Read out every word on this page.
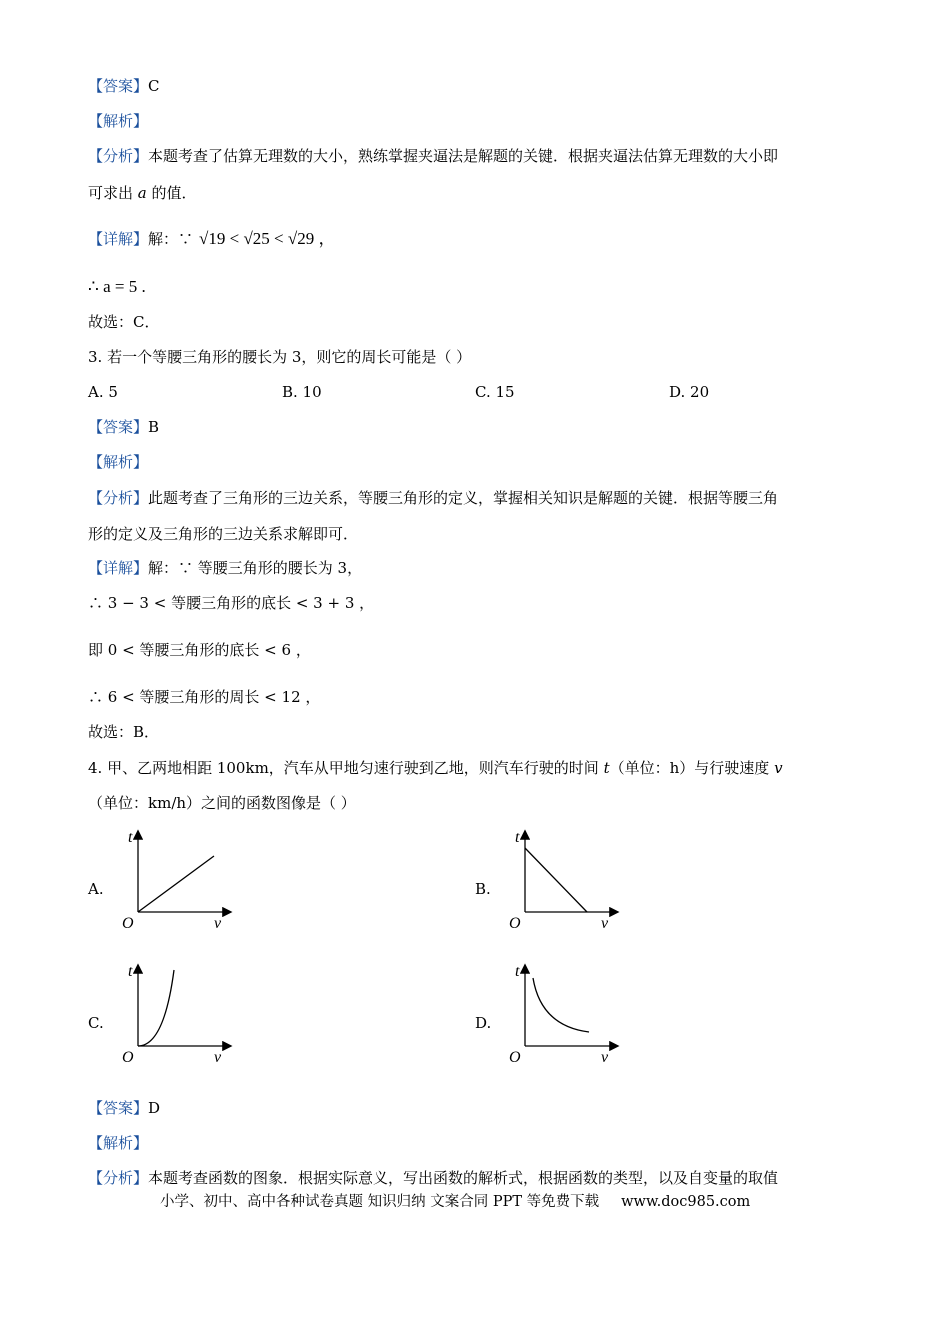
【答案】C
【解析】
【分析】本题考查了估算无理数的大小，熟练掌握夹逼法是解题的关键．根据夹逼法估算无理数的大小即
可求出 a 的值．
【详解】解：∵ √19 < √25 < √29 ，
∴ a = 5 .
故选：C．
3. 若一个等腰三角形的腰长为 3，则它的周长可能是（ ）
A. 5	B. 10	C. 15	D. 20
【答案】B
【解析】
【分析】此题考查了三角形的三边关系，等腰三角形的定义，掌握相关知识是解题的关键．根据等腰三角
形的定义及三角形的三边关系求解即可．
【详解】解：∵ 等腰三角形的腰长为 3，
∴ 3 − 3 < 等腰三角形的底长 < 3 + 3 ，
即 0 < 等腰三角形的底长 < 6 ，
∴ 6 < 等腰三角形的周长 < 12 ，
故选：B．
4. 甲、乙两地相距 100km，汽车从甲地匀速行驶到乙地，则汽车行驶的时间 t（单位：h）与行驶速度 v
（单位：km/h）之间的函数图像是（ ）
A.	B.
C.	D.
t
v
O
t
v
O
t
v
O
t
v
O
【答案】D
【解析】
【分析】本题考查函数的图象．根据实际意义，写出函数的解析式，根据函数的类型，以及自变量的取值
小学、初中、高中各种试卷真题 知识归纳 文案合同 PPT 等免费下载 www.doc985.com
